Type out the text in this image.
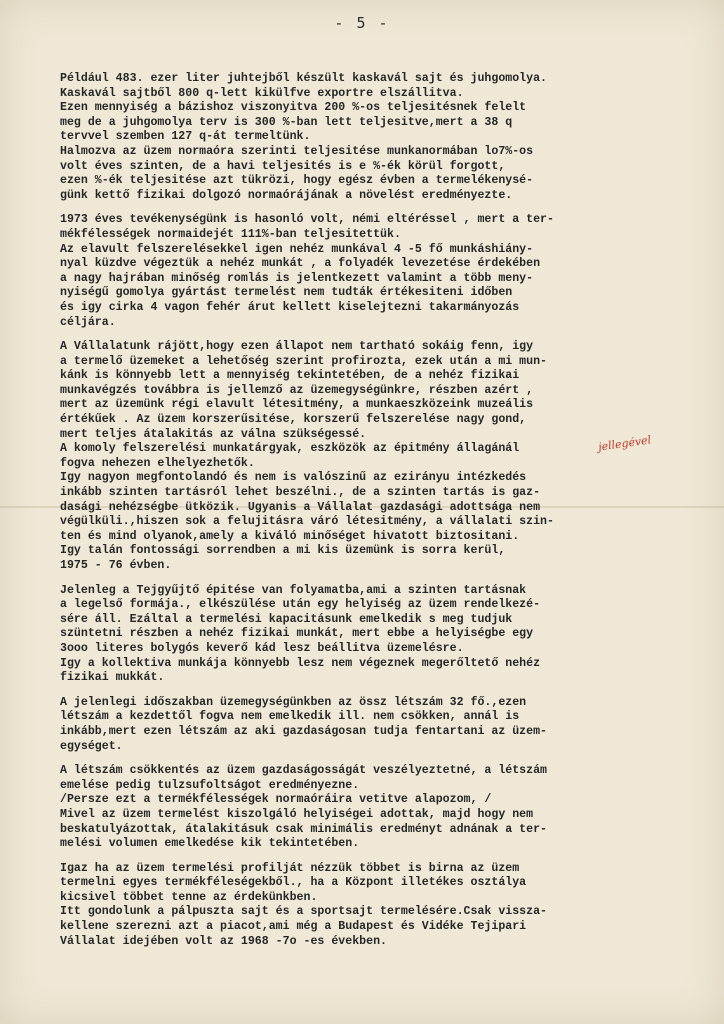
- 5 -
jellegével
Például 483. ezer liter juhtejből készült kaskavál sajt és juhgomolya.
Kaskavál sajtből 800 q-lett kikülfve exportre elszállitva.
Ezen mennyiség a bázishoz viszonyitva 200 %-os teljesitésnek felelt
meg de a juhgomolya terv is 300 %-ban lett teljesitve,mert a 38 q
tervvel szemben 127 q-át termeltünk.
Halmozva az üzem normaóra szerinti teljesitése munkanormában lo7%-os
volt éves szinten, de a havi teljesités is e %-ék körül forgott,
ezen %-ék teljesitése azt tükrözi, hogy egész évben a termelékenysé-
günk kettő fizikai dolgozó normaórájának a növelést eredményezte.
1973 éves tevékenységünk is hasonló volt, némi eltéréssel , mert a ter-
mékfélességek normaidejét 111%-ban teljesitettük.
Az elavult felszerelésekkel igen nehéz munkával 4 -5 fő munkáshiány-
nyal küzdve végeztük a nehéz munkát , a folyadék levezetése érdekében
a nagy hajrában minőség romlás is jelentkezett valamint a több meny-
nyiségű gomolya gyártást termelést nem tudták értékesiteni időben
és igy cirka 4 vagon fehér árut kellett kiselejtezni takarmányozás
céljára.
A Vállalatunk rájött,hogy ezen állapot nem tartható sokáig fenn, igy
a termelő üzemeket a lehetőség szerint profirozta, ezek után a mi mun-
kánk is könnyebb lett a mennyiség tekintetében, de a nehéz fizikai
munkavégzés továbbra is jellemző az üzemegységünkre, részben azért ,
mert az üzemünk régi elavult létesitmény, a munkaeszközeink muzeális
értékűek . Az üzem korszerűsitése, korszerű felszerelése nagy gond,
mert teljes átalakitás az válna szükségessé.
A komoly felszerelési munkatárgyak, eszközök az épitmény állagánál
fogva nehezen elhelyezhetők.
Igy nagyon megfontolandó és nem is valószinű az ezirányu intézkedés
inkább szinten tartásról lehet beszélni., de a szinten tartás is gaz-
dasági nehézségbe ütközik. Ugyanis a Vállalat gazdasági adottsága nem
végülküli.,hiszen sok a felujitásra váró létesitmény, a vállalati szin-
ten és mind olyanok,amely a kiváló minőséget hivatott biztositani.
Igy talán fontossági sorrendben a mi kis üzemünk is sorra kerül,
1975 - 76 évben.
Jelenleg a Tejgyűjtő épitése van folyamatba,ami a szinten tartásnak
a legelső formája., elkészülése után egy helyiség az üzem rendelkezé-
sére áll. Ezáltal a termelési kapacitásunk emelkedik s meg tudjuk
szüntetni részben a nehéz fizikai munkát, mert ebbe a helyiségbe egy
3ooo literes bolygós keverő kád lesz beállitva üzemelésre.
Igy a kollektiva munkája könnyebb lesz nem végeznek megerőltető nehéz
fizikai mukkát.
A jelenlegi időszakban üzemegységünkben az össz létszám 32 fő.,ezen
létszám a kezdettől fogva nem emelkedik ill. nem csökken, annál is
inkább,mert ezen létszám az aki gazdaságosan tudja fentartani az üzem-
egységet.
A létszám csökkentés az üzem gazdaságosságát veszélyeztetné, a létszám
emelése pedig tulzsufoltságot eredményezne.
/Persze ezt a termékfélességek normaóráira vetitve alapozom, /
Mivel az üzem termelést kiszolgáló helyiségei adottak, majd hogy nem
beskatulyázottak, átalakitásuk csak minimális eredményt adnának a ter-
melési volumen emelkedése kik tekintetében.
Igaz ha az üzem termelési profilját nézzük többet is birna az üzem
termelni egyes termékféleségekből., ha a Központ illetékes osztálya
kicsivel többet tenne az érdekünkben.
Itt gondolunk a pálpuszta sajt és a sportsajt termelésére.Csak vissza-
kellene szerezni azt a piacot,ami még a Budapest és Vidéke Tejipari
Vállalat idejében volt az 1968 -7o -es években.
